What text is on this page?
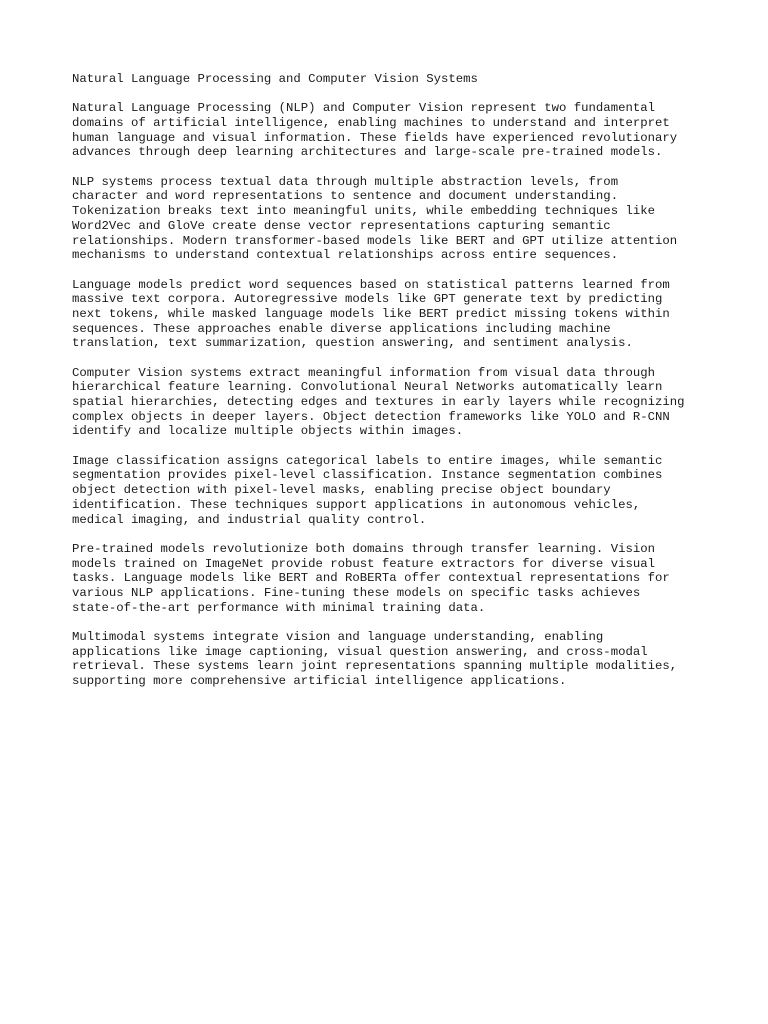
Natural Language Processing and Computer Vision Systems

Natural Language Processing (NLP) and Computer Vision represent two fundamental
domains of artificial intelligence, enabling machines to understand and interpret
human language and visual information. These fields have experienced revolutionary
advances through deep learning architectures and large-scale pre-trained models.

NLP systems process textual data through multiple abstraction levels, from
character and word representations to sentence and document understanding.
Tokenization breaks text into meaningful units, while embedding techniques like
Word2Vec and GloVe create dense vector representations capturing semantic
relationships. Modern transformer-based models like BERT and GPT utilize attention
mechanisms to understand contextual relationships across entire sequences.

Language models predict word sequences based on statistical patterns learned from
massive text corpora. Autoregressive models like GPT generate text by predicting
next tokens, while masked language models like BERT predict missing tokens within
sequences. These approaches enable diverse applications including machine
translation, text summarization, question answering, and sentiment analysis.

Computer Vision systems extract meaningful information from visual data through
hierarchical feature learning. Convolutional Neural Networks automatically learn
spatial hierarchies, detecting edges and textures in early layers while recognizing
complex objects in deeper layers. Object detection frameworks like YOLO and R-CNN
identify and localize multiple objects within images.

Image classification assigns categorical labels to entire images, while semantic
segmentation provides pixel-level classification. Instance segmentation combines
object detection with pixel-level masks, enabling precise object boundary
identification. These techniques support applications in autonomous vehicles,
medical imaging, and industrial quality control.

Pre-trained models revolutionize both domains through transfer learning. Vision
models trained on ImageNet provide robust feature extractors for diverse visual
tasks. Language models like BERT and RoBERTa offer contextual representations for
various NLP applications. Fine-tuning these models on specific tasks achieves
state-of-the-art performance with minimal training data.

Multimodal systems integrate vision and language understanding, enabling
applications like image captioning, visual question answering, and cross-modal
retrieval. These systems learn joint representations spanning multiple modalities,
supporting more comprehensive artificial intelligence applications.
